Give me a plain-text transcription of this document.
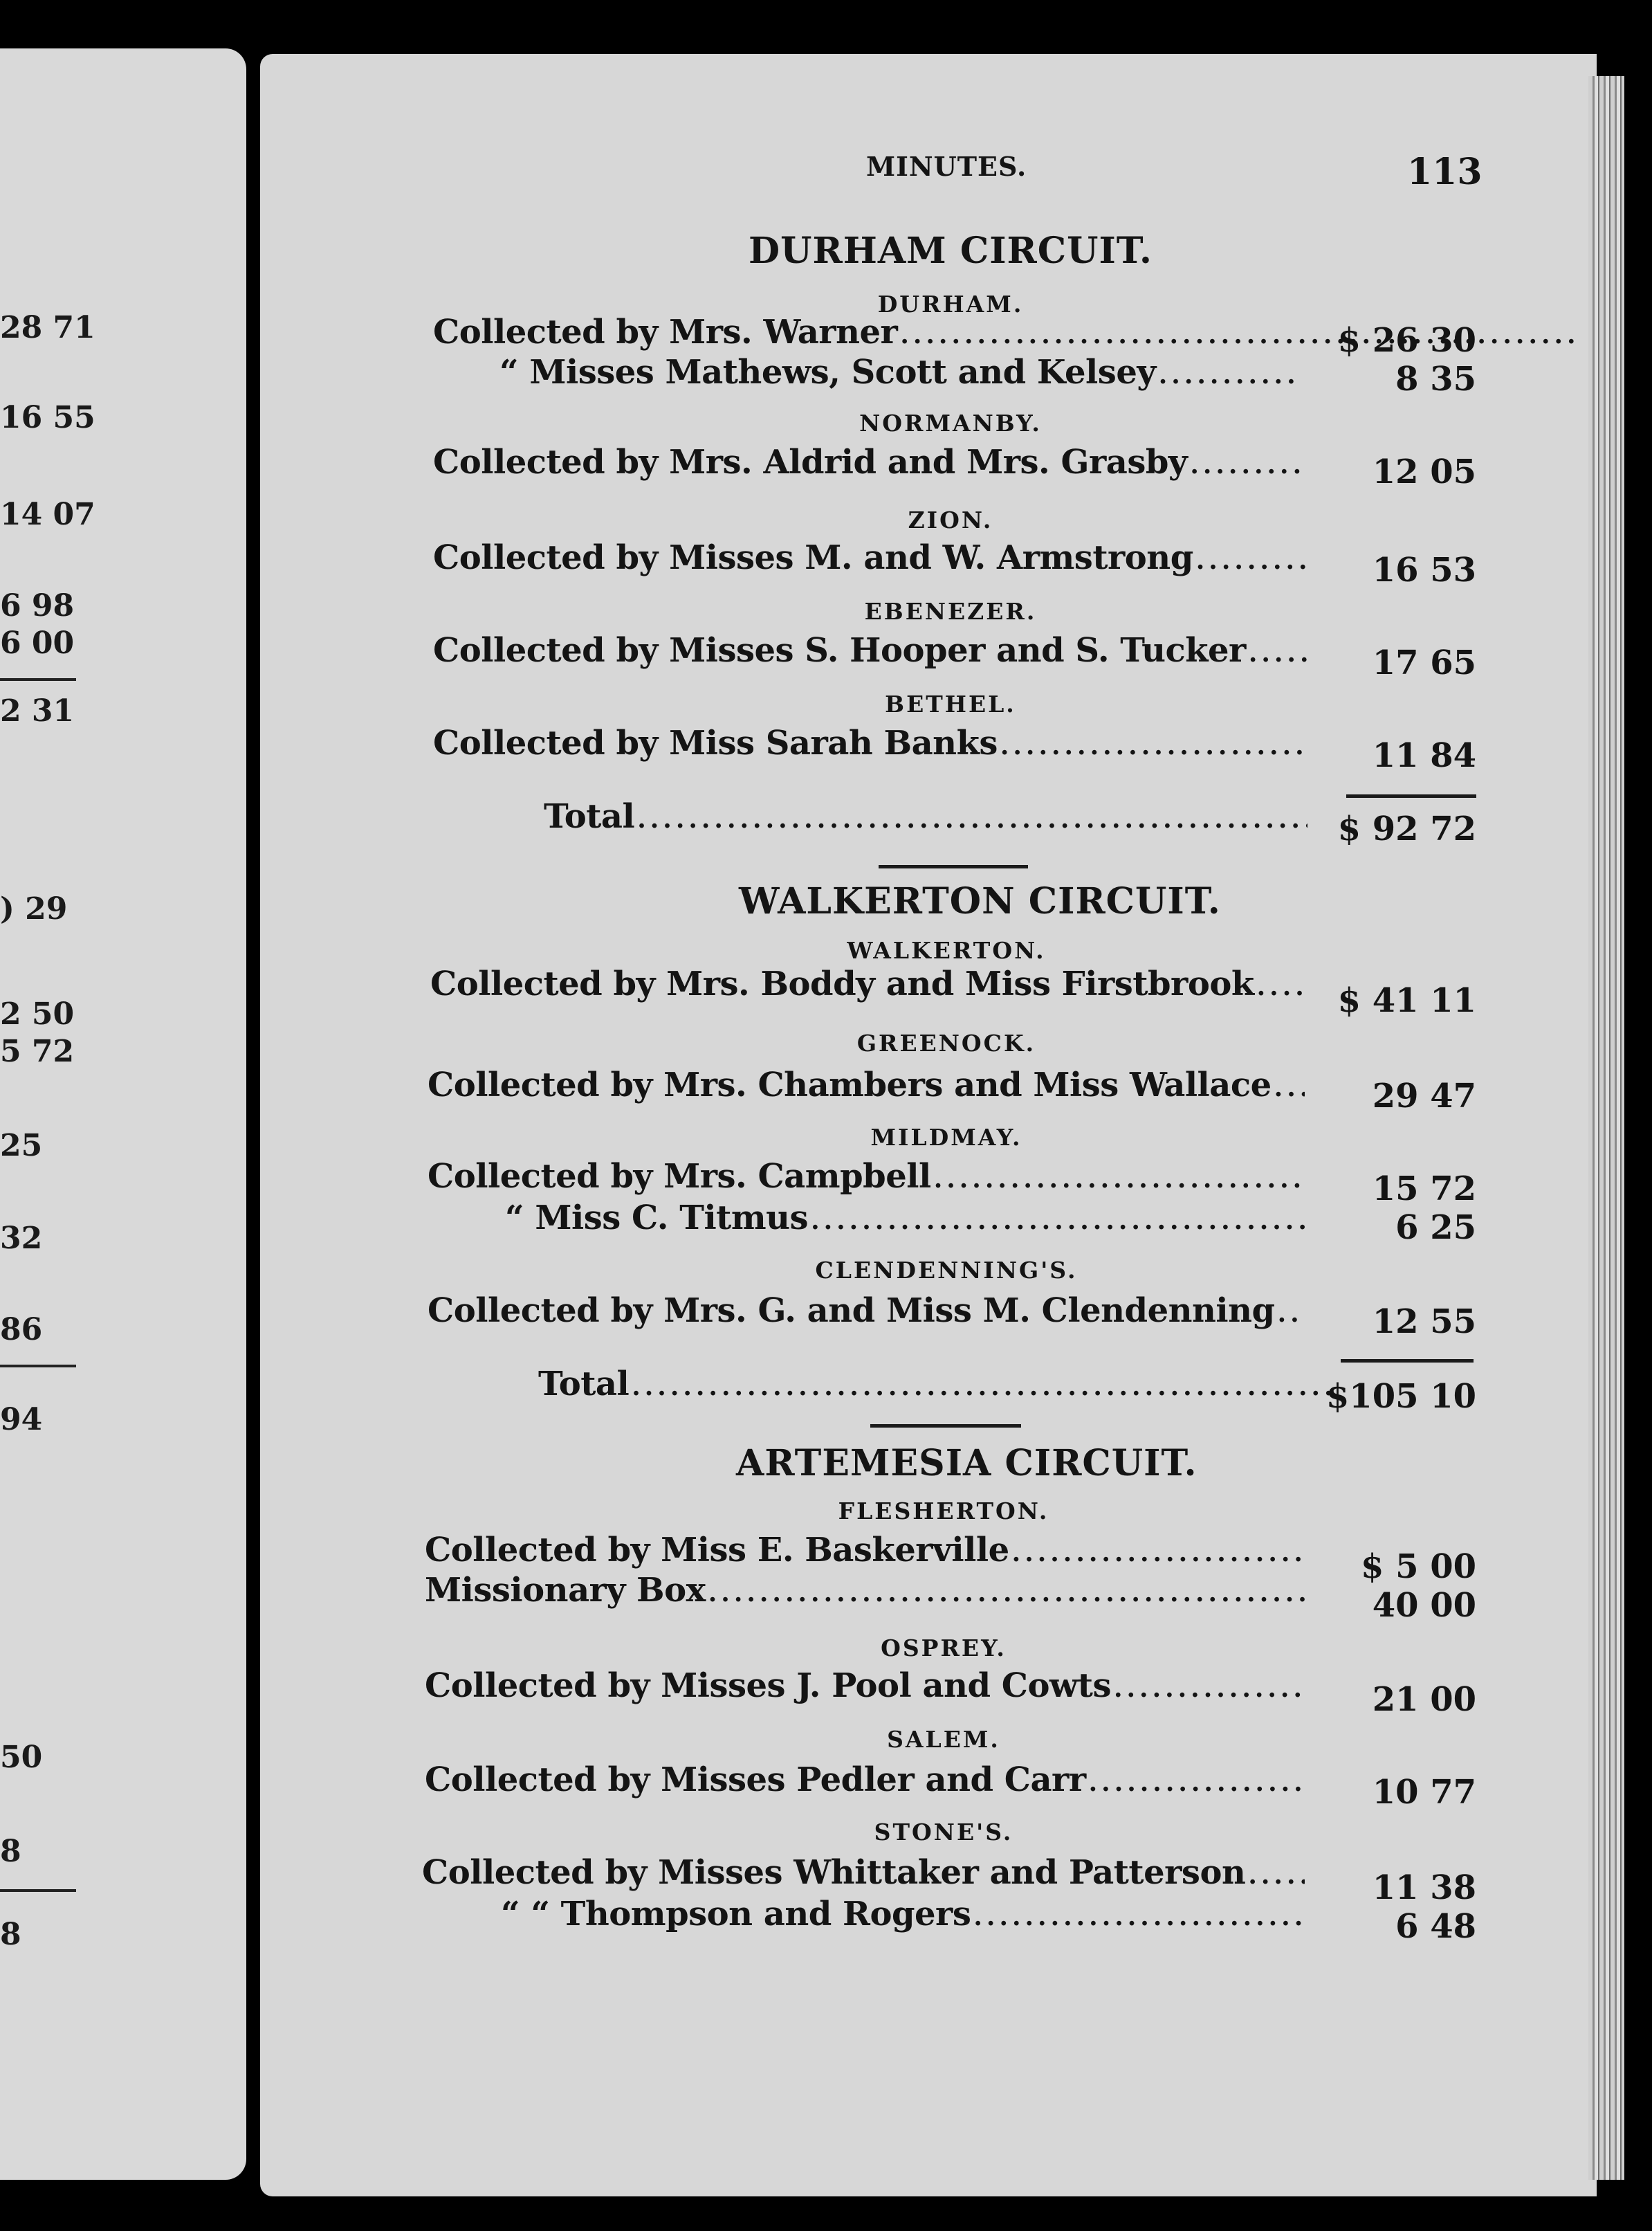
28 71
16 55
14 07
6 98
6 00
2 31
) 29
2 50
5 72
25
32
86
94
50
8
8
MINUTES.	113
DURHAM CIRCUIT.
DURHAM.
Collected by Mrs. Warner .....	$ 26 30
“ Misses Mathews, Scott and Kelsey .....	8 35
NORMANBY.
Collected by Mrs. Aldrid and Mrs. Grasby .....	12 05
ZION.
Collected by Misses M. and W. Armstrong .....	16 53
EBENEZER.
Collected by Misses S. Hooper and S. Tucker .....	17 65
BETHEL.
Collected by Miss Sarah Banks .....	11 84
Total .....	$ 92 72
WALKERTON CIRCUIT.
WALKERTON.
Collected by Mrs. Boddy and Miss Firstbrook .....	$ 41 11
GREENOCK.
Collected by Mrs. Chambers and Miss Wallace .....	29 47
MILDMAY.
Collected by Mrs. Campbell .....	15 72
“ Miss C. Titmus .....	6 25
CLENDENNING'S.
Collected by Mrs. G. and Miss M. Clendenning .....	12 55
Total .....	$105 10
ARTEMESIA CIRCUIT.
FLESHERTON.
Collected by Miss E. Baskerville .....	$ 5 00
Missionary Box .....	40 00
OSPREY.
Collected by Misses J. Pool and Cowts .....	21 00
SALEM.
Collected by Misses Pedler and Carr .....	10 77
STONE'S.
Collected by Misses Whittaker and Patterson .....	11 38
“ “ Thompson and Rogers .....	6 48
